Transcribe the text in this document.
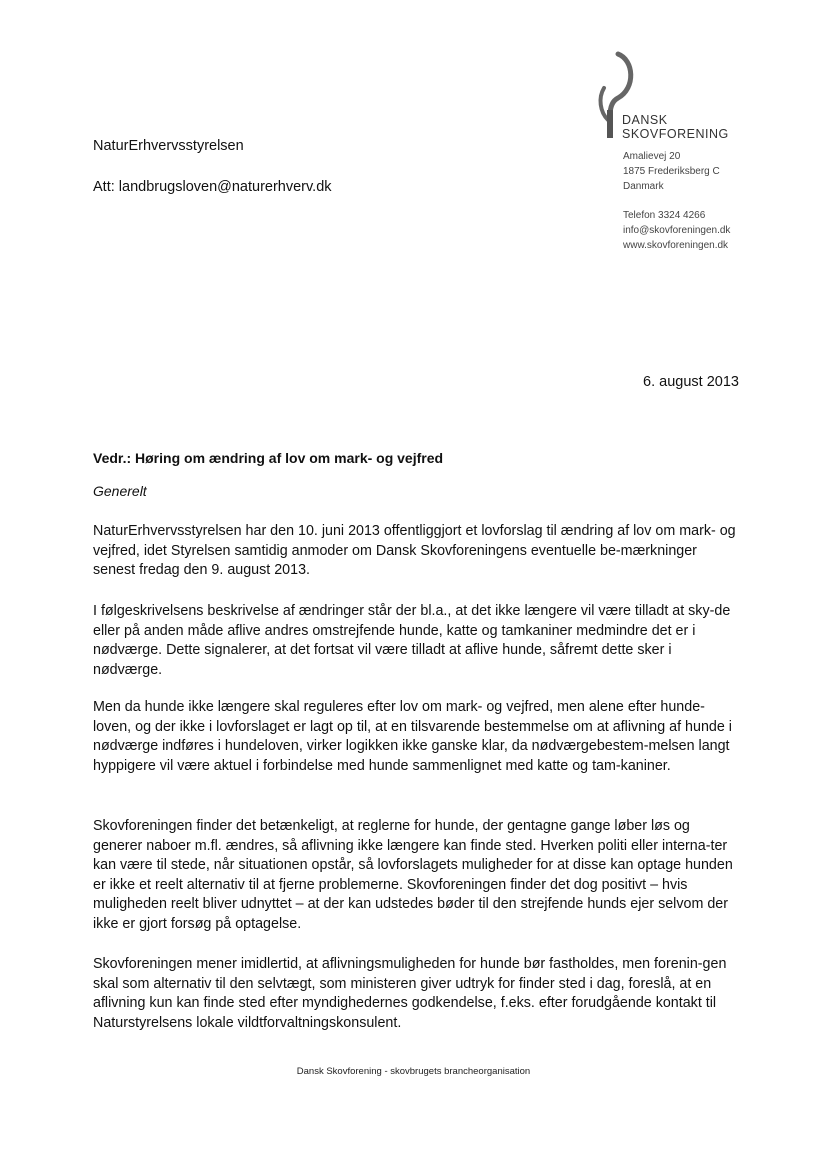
DANSK
SKOVFORENING
Amalievej 20
1875 Frederiksberg C
Danmark
Telefon 3324 4266
info@skovforeningen.dk
www.skovforeningen.dk
NaturErhvervsstyrelsen
Att: landbrugsloven@naturerhverv.dk
6. august 2013
Vedr.: Høring om ændring af lov om mark- og vejfred
Generelt

NaturErhvervsstyrelsen har den 10. juni 2013 offentliggjort et lovforslag til ændring af lov om mark- og vejfred, idet Styrelsen samtidig anmoder om Dansk Skovforeningens eventuelle be-mærkninger senest fredag den 9. august 2013.

I følgeskrivelsens beskrivelse af ændringer står der bl.a., at det ikke længere vil være tilladt at sky-de eller på anden måde aflive andres omstrejfende hunde, katte og tamkaniner medmindre det er i nødværge. Dette signalerer, at det fortsat vil være tilladt at aflive hunde, såfremt dette sker i nødværge.

Men da hunde ikke længere skal reguleres efter lov om mark- og vejfred, men alene efter hunde-loven, og der ikke i lovforslaget er lagt op til, at en tilsvarende bestemmelse om at aflivning af hunde i nødværge indføres i hundeloven, virker logikken ikke ganske klar, da nødværgebestem-melsen langt hyppigere vil være aktuel i forbindelse med hunde sammenlignet med katte og tam-kaniner.

Skovforeningen finder det betænkeligt, at reglerne for hunde, der gentagne gange løber løs og generer naboer m.fl. ændres, så aflivning ikke længere kan finde sted. Hverken politi eller interna-ter kan være til stede, når situationen opstår, så lovforslagets muligheder for at disse kan optage hunden er ikke et reelt alternativ til at fjerne problemerne. Skovforeningen finder det dog positivt – hvis muligheden reelt bliver udnyttet – at der kan udstedes bøder til den strejfende hunds ejer selvom der ikke er gjort forsøg på optagelse.

Skovforeningen mener imidlertid, at aflivningsmuligheden for hunde bør fastholdes, men forenin-gen skal som alternativ til den selvtægt, som ministeren giver udtryk for finder sted i dag, foreslå, at en aflivning kun kan finde sted efter myndighedernes godkendelse, f.eks. efter forudgående kontakt til Naturstyrelsens lokale vildtforvaltningskonsulent.

Dansk Skovforening - skovbrugets brancheorganisation
